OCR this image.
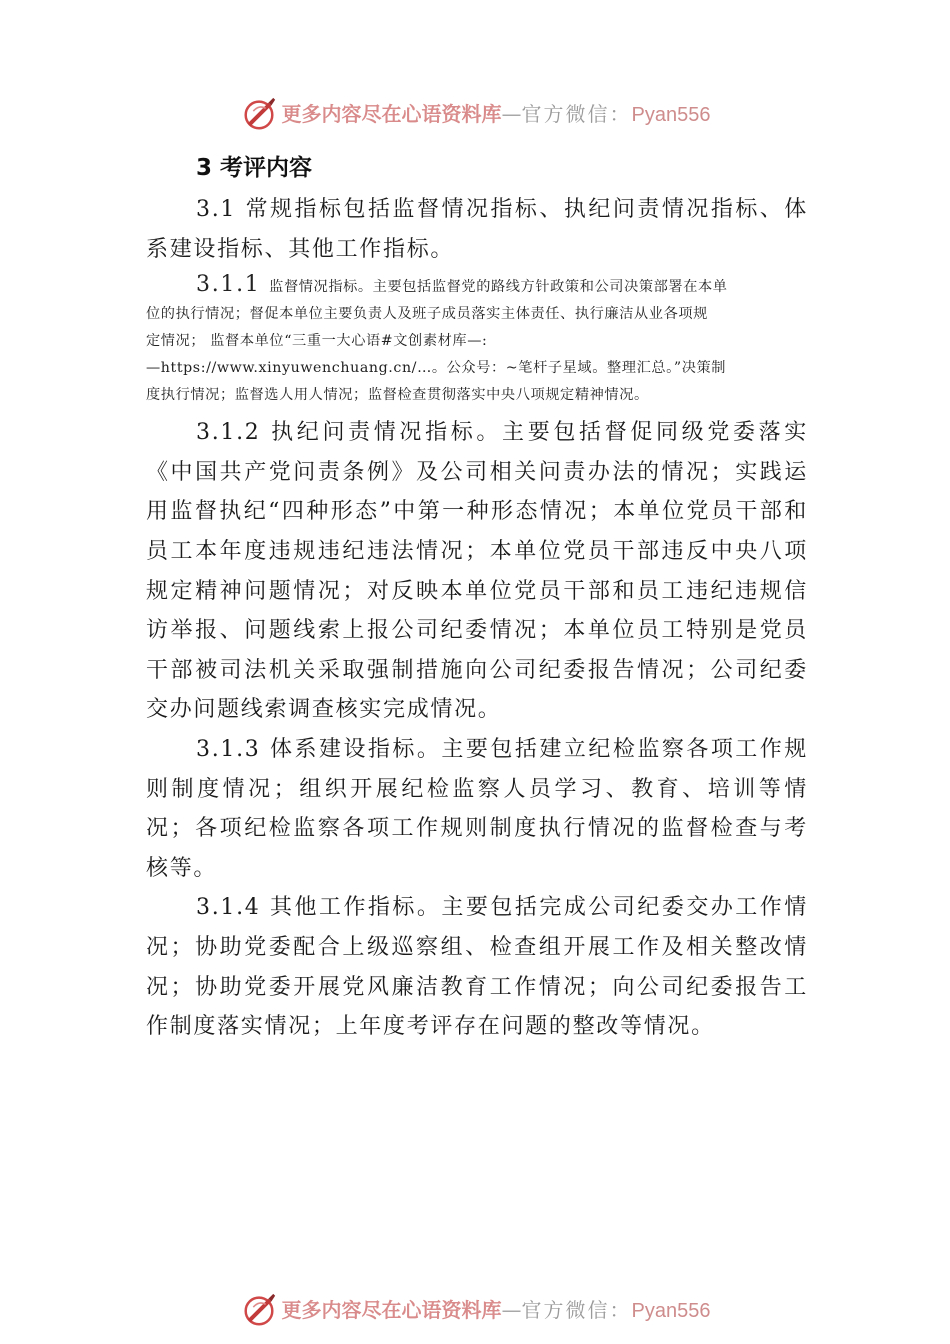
更多内容尽在心语资料库—官方微信：Pyan556
3 考评内容

3.1 常规指标包括监督情况指标、执纪问责情况指标、体系建设指标、其他工作指标。

3.1.1 监督情况指标。主要包括监督党的路线方针政策和公司决策部署在本单

位的执行情况；督促本单位主要负责人及班子成员落实主体责任、执行廉洁从业各项规

定情况； 监督本单位“三重一大心语#文创素材库—:

—https://www.xinyuwenchuang.cn/…。公众号：~笔杆子星域。整理汇总。”决策制

度执行情况；监督选人用人情况；监督检查贯彻落实中央八项规定精神情况。

3.1.2 执纪问责情况指标。主要包括督促同级党委落实《中国共产党问责条例》及公司相关问责办法的情况；实践运用监督执纪“四种形态”中第一种形态情况；本单位党员干部和员工本年度违规违纪违法情况；本单位党员干部违反中央八项规定精神问题情况；对反映本单位党员干部和员工违纪违规信访举报、问题线索上报公司纪委情况；本单位员工特别是党员干部被司法机关采取强制措施向公司纪委报告情况；公司纪委交办问题线索调查核实完成情况。

3.1.3 体系建设指标。主要包括建立纪检监察各项工作规则制度情况；组织开展纪检监察人员学习、教育、培训等情况；各项纪检监察各项工作规则制度执行情况的监督检查与考核等。

3.1.4 其他工作指标。主要包括完成公司纪委交办工作情况；协助党委配合上级巡察组、检查组开展工作及相关整改情况；协助党委开展党风廉洁教育工作情况；向公司纪委报告工作制度落实情况；上年度考评存在问题的整改等情况。

更多内容尽在心语资料库—官方微信：Pyan556
